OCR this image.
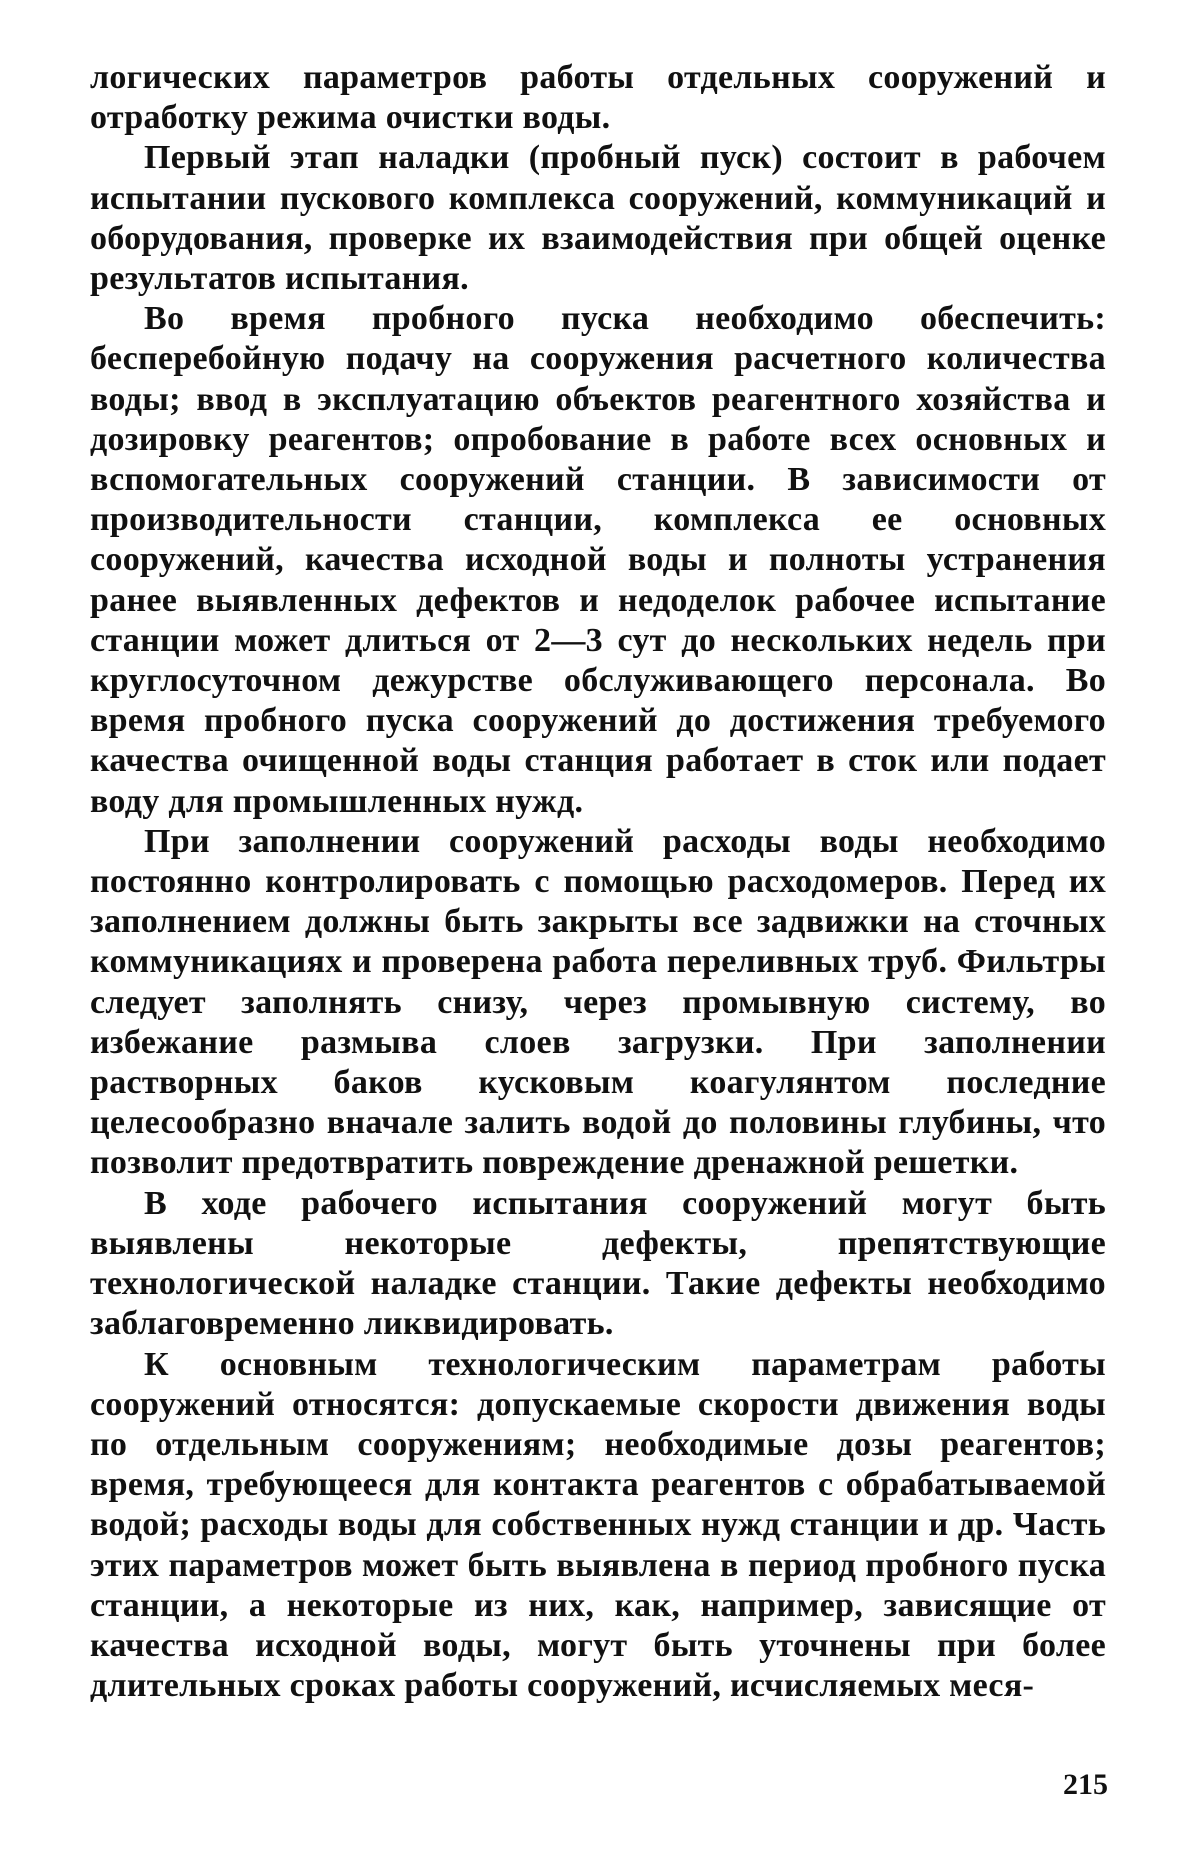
логических параметров работы отдельных сооружений и отработку режима очистки воды.

Первый этап наладки (пробный пуск) состоит в рабочем испытании пускового комплекса сооружений, коммуникаций и оборудования, проверке их взаимодействия при общей оценке результатов испытания.

Во время пробного пуска необходимо обеспечить: бесперебойную подачу на сооружения расчетного количества воды; ввод в эксплуатацию объектов реагентного хозяйства и дозировку реагентов; опробование в работе всех основных и вспомогательных сооружений станции. В зависимости от производительности станции, комплекса ее основных сооружений, качества исходной воды и полноты устранения ранее выявленных дефектов и недоделок рабочее испытание станции может длиться от 2—3 сут до нескольких недель при круглосуточном дежурстве обслуживающего персонала. Во время пробного пуска сооружений до достижения требуемого качества очищенной воды станция работает в сток или подает воду для промышленных нужд.

При заполнении сооружений расходы воды необходимо постоянно контролировать с помощью расходомеров. Перед их заполнением должны быть закрыты все задвижки на сточных коммуникациях и проверена работа переливных труб. Фильтры следует заполнять снизу, через промывную систему, во избежание размыва слоев загрузки. При заполнении растворных баков кусковым коагулянтом последние целесообразно вначале залить водой до половины глубины, что позволит предотвратить повреждение дренажной решетки.

В ходе рабочего испытания сооружений могут быть выявлены некоторые дефекты, препятствующие технологической наладке станции. Такие дефекты необходимо заблаговременно ликвидировать.

К основным технологическим параметрам работы сооружений относятся: допускаемые скорости движения воды по отдельным сооружениям; необходимые дозы реагентов; время, требующееся для контакта реагентов с обрабатываемой водой; расходы воды для собственных нужд станции и др. Часть этих параметров может быть выявлена в период пробного пуска станции, а некоторые из них, как, например, зависящие от качества исходной воды, могут быть уточнены при более длительных сроках работы сооружений, исчисляемых меся-

215
